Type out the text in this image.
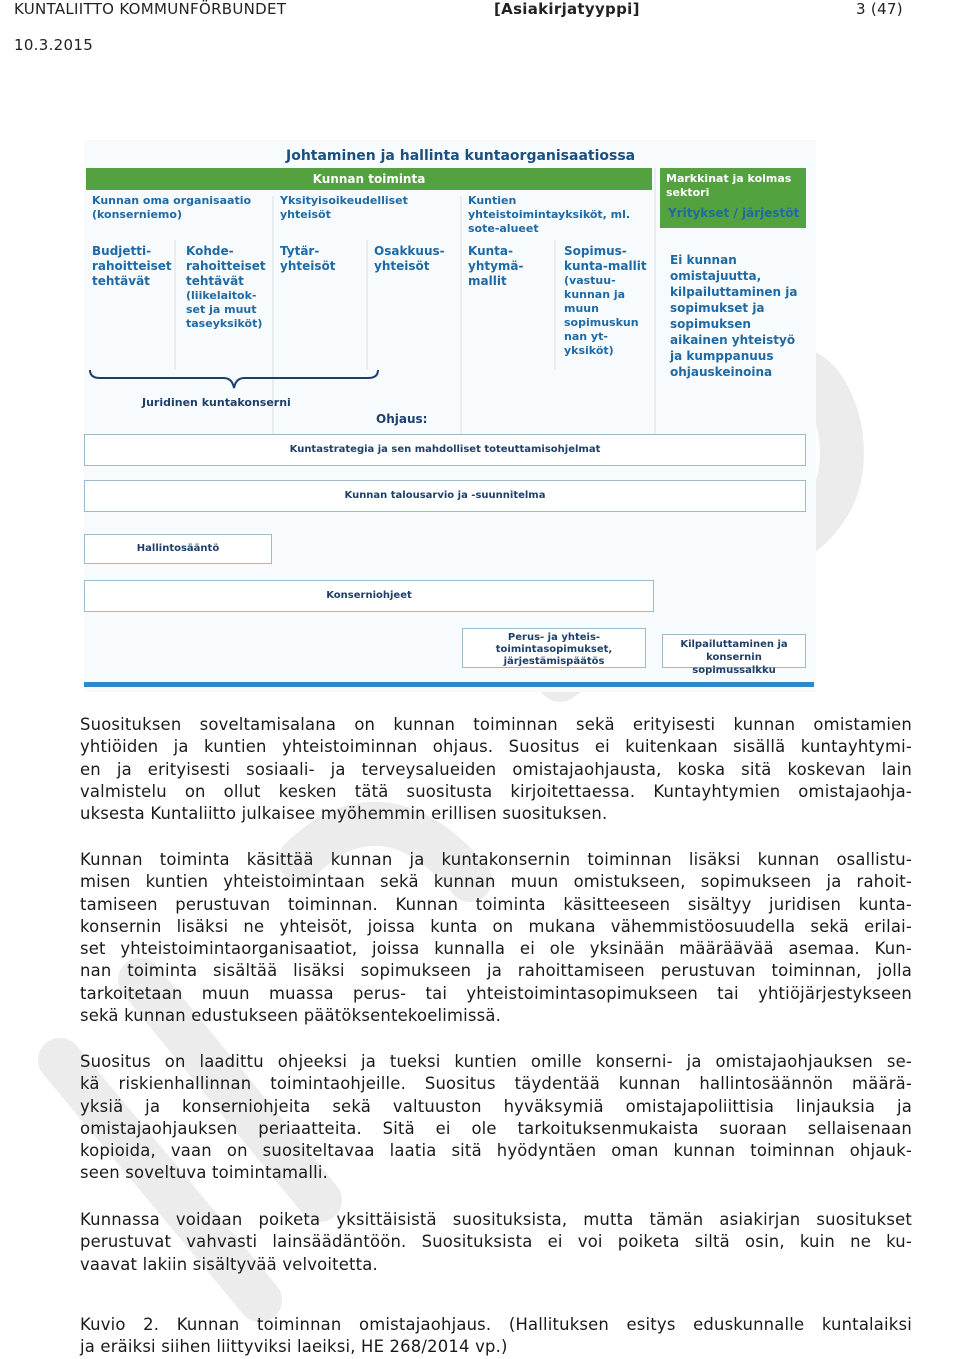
KUNTALIITTO KOMMUNFÖRBUNDET	[Asiakirjatyyppi]	3 (47)
10.3.2015
Johtaminen ja hallinta kuntaorganisaatiossa
Kunnan toiminta	Markkinat ja kolmas sektori
Kunnan oma organisaatio (konserniemo)
Yksityisoikeudelliset yhteisöt
Kuntien yhteistoimintayksiköt, ml. sote-alueet
Budjetti-rahoitteiset tehtävät
Kohde-rahoitteiset tehtävät
(liikelaitok-set ja muut taseyksiköt)
Tytär-yhteisöt
Osakkuus-yhteisöt
Kunta-yhtymä-mallit
Sopimus-kunta-mallit
(vastuu-kunnan ja muun sopimuskun nan yt-yksiköt)
Yritykset / järjestöt
Ei kunnan omistajuutta, kilpailuttaminen ja sopimukset ja sopimuksen aikainen yhteistyö ja kumppanuus ohjauskeinoina
Juridinen kuntakonserni
Ohjaus:
Kuntastrategia ja sen mahdolliset toteuttamisohjelmat
Kunnan talousarvio ja -suunnitelma
Hallintosääntö
Konserniohjeet
Perus- ja yhteis-toimintasopimukset, järjestämispäätös
Kilpailuttaminen ja konsernin sopimussalkku
Suosituksen soveltamisalana on kunnan toiminnan sekä erityisesti kunnan omistamien
yhtiöiden ja kuntien yhteistoiminnan ohjaus. Suositus ei kuitenkaan sisällä kuntayhtymi-
en ja erityisesti sosiaali- ja terveysalueiden omistajaohjausta, koska sitä koskevan lain
valmistelu on ollut kesken tätä suositusta kirjoitettaessa. Kuntayhtymien omistajaohja-
uksesta Kuntaliitto julkaisee myöhemmin erillisen suosituksen.
Kunnan toiminta käsittää kunnan ja kuntakonsernin toiminnan lisäksi kunnan osallistu-
misen kuntien yhteistoimintaan sekä kunnan muun omistukseen, sopimukseen ja rahoit-
tamiseen perustuvan toiminnan. Kunnan toiminta käsitteeseen sisältyy juridisen kunta-
konsernin lisäksi ne yhteisöt, joissa kunta on mukana vähemmistöosuudella sekä erilai-
set yhteistoimintaorganisaatiot, joissa kunnalla ei ole yksinään määräävää asemaa. Kun-
nan toiminta sisältää lisäksi sopimukseen ja rahoittamiseen perustuvan toiminnan, jolla
tarkoitetaan muun muassa perus- tai yhteistoimintasopimukseen tai yhtiöjärjestykseen
sekä kunnan edustukseen päätöksentekoelimissä.
Suositus on laadittu ohjeeksi ja tueksi kuntien omille konserni- ja omistajaohjauksen se-
kä riskienhallinnan toimintaohjeille. Suositus täydentää kunnan hallintosäännön määrä-
yksiä ja konserniohjeita sekä valtuuston hyväksymiä omistajapoliittisia linjauksia ja
omistajaohjauksen periaatteita. Sitä ei ole tarkoituksenmukaista suoraan sellaisenaan
kopioida, vaan on suositeltavaa laatia sitä hyödyntäen oman kunnan toiminnan ohjauk-
seen soveltuva toimintamalli.
Kunnassa voidaan poiketa yksittäisistä suosituksista, mutta tämän asiakirjan suositukset
perustuvat vahvasti lainsäädäntöön. Suosituksista ei voi poiketa siltä osin, kuin ne ku-
vaavat lakiin sisältyvää velvoitetta.
Kuvio 2. Kunnan toiminnan omistajaohjaus. (Hallituksen esitys eduskunnalle kuntalaiksi
ja eräiksi siihen liittyviksi laeiksi, HE 268/2014 vp.)
